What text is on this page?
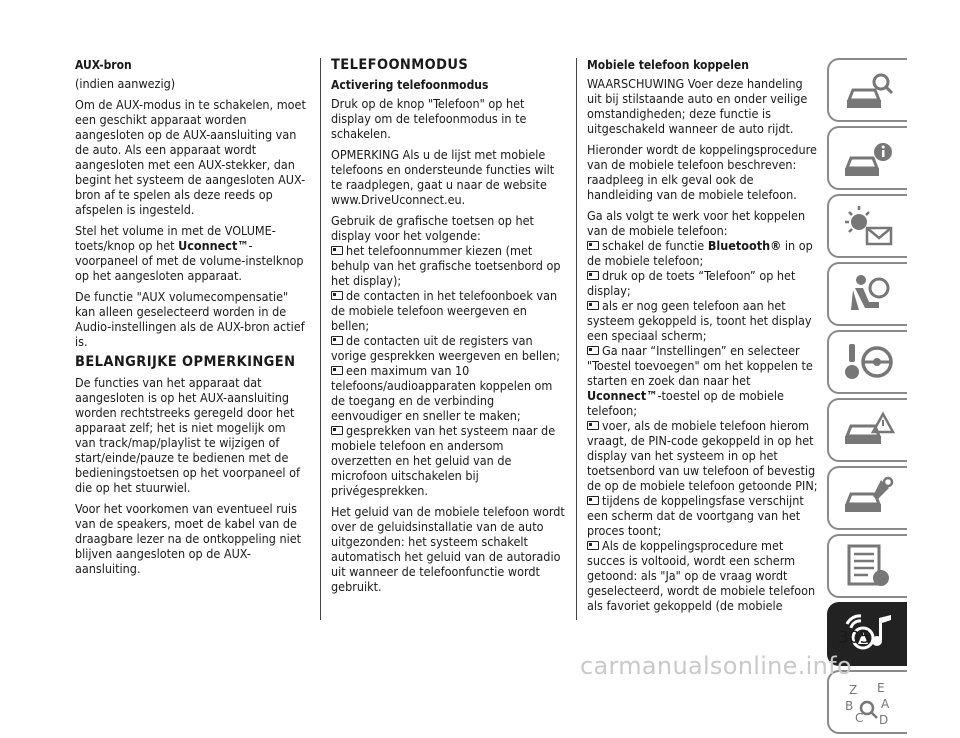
AUX-bron

(indien aanwezig)

Om de AUX-modus in te schakelen, moet een geschikt apparaat worden aangesloten op de AUX-aansluiting van de auto. Als een apparaat wordt aangesloten met een AUX-stekker, dan begint het systeem de aangesloten AUX-bron af te spelen als deze reeds op afspelen is ingesteld.

Stel het volume in met de VOLUME-toets/knop op het Uconnect™-voorpaneel of met de volume-instelknop op het aangesloten apparaat.

De functie "AUX volumecompensatie" kan alleen geselecteerd worden in de Audio-instellingen als de AUX-bron actief is.

BELANGRIJKE OPMERKINGEN

De functies van het apparaat dat aangesloten is op het AUX-aansluiting worden rechtstreeks geregeld door het apparaat zelf; het is niet mogelijk om van track/map/playlist te wijzigen of start/einde/pauze te bedienen met de bedieningstoetsen op het voorpaneel of die op het stuurwiel.

Voor het voorkomen van eventueel ruis van de speakers, moet de kabel van de draagbare lezer na de ontkoppeling niet blijven aangesloten op de AUX-aansluiting.

TELEFOONMODUS
Activering telefoonmodus

Druk op de knop "Telefoon" op het display om de telefoonmodus in te schakelen.

OPMERKING Als u de lijst met mobiele telefoons en ondersteunde functies wilt te raadplegen, gaat u naar de website www.DriveUconnect.eu.

Gebruik de grafische toetsen op het display voor het volgende:

het telefoonnummer kiezen (met behulp van het grafische toetsenbord op het display);
de contacten in het telefoonboek van de mobiele telefoon weergeven en bellen;
de contacten uit de registers van vorige gesprekken weergeven en bellen;
een maximum van 10 telefoons/audioapparaten koppelen om de toegang en de verbinding eenvoudiger en sneller te maken;
gesprekken van het systeem naar de mobiele telefoon en andersom overzetten en het geluid van de microfoon uitschakelen bij privégesprekken.

Het geluid van de mobiele telefoon wordt over de geluidsinstallatie van de auto uitgezonden: het systeem schakelt automatisch het geluid van de autoradio uit wanneer de telefoonfunctie wordt gebruikt.

Mobiele telefoon koppelen

WAARSCHUWING Voer deze handeling uit bij stilstaande auto en onder veilige omstandigheden; deze functie is uitgeschakeld wanneer de auto rijdt.

Hieronder wordt de koppelingsprocedure van de mobiele telefoon beschreven: raadpleeg in elk geval ook de handleiding van de mobiele telefoon.

Ga als volgt te werk voor het koppelen van de mobiele telefoon:

schakel de functie Bluetooth® in op de mobiele telefoon;
druk op de toets “Telefoon” op het display;
als er nog geen telefoon aan het systeem gekoppeld is, toont het display een speciaal scherm;
Ga naar “Instellingen” en selecteer "Toestel toevoegen" om het koppelen te starten en zoek dan naar het Uconnect™-toestel op de mobiele telefoon;
voer, als de mobiele telefoon hierom vraagt, de PIN-code gekoppeld in op het display van het systeem in op het toetsenbord van uw telefoon of bevestig de op de mobiele telefoon getoonde PIN;
tijdens de koppelingsfase verschijnt een scherm dat de voortgang van het proces toont;
Als de koppelingsprocedure met succes is voltooid, wordt een scherm getoond: als "Ja" op de vraag wordt geselecteerd, wordt de mobiele telefoon als favoriet gekoppeld (de mobiele
Z E
B A
C D
305
carmanualsonline.info
